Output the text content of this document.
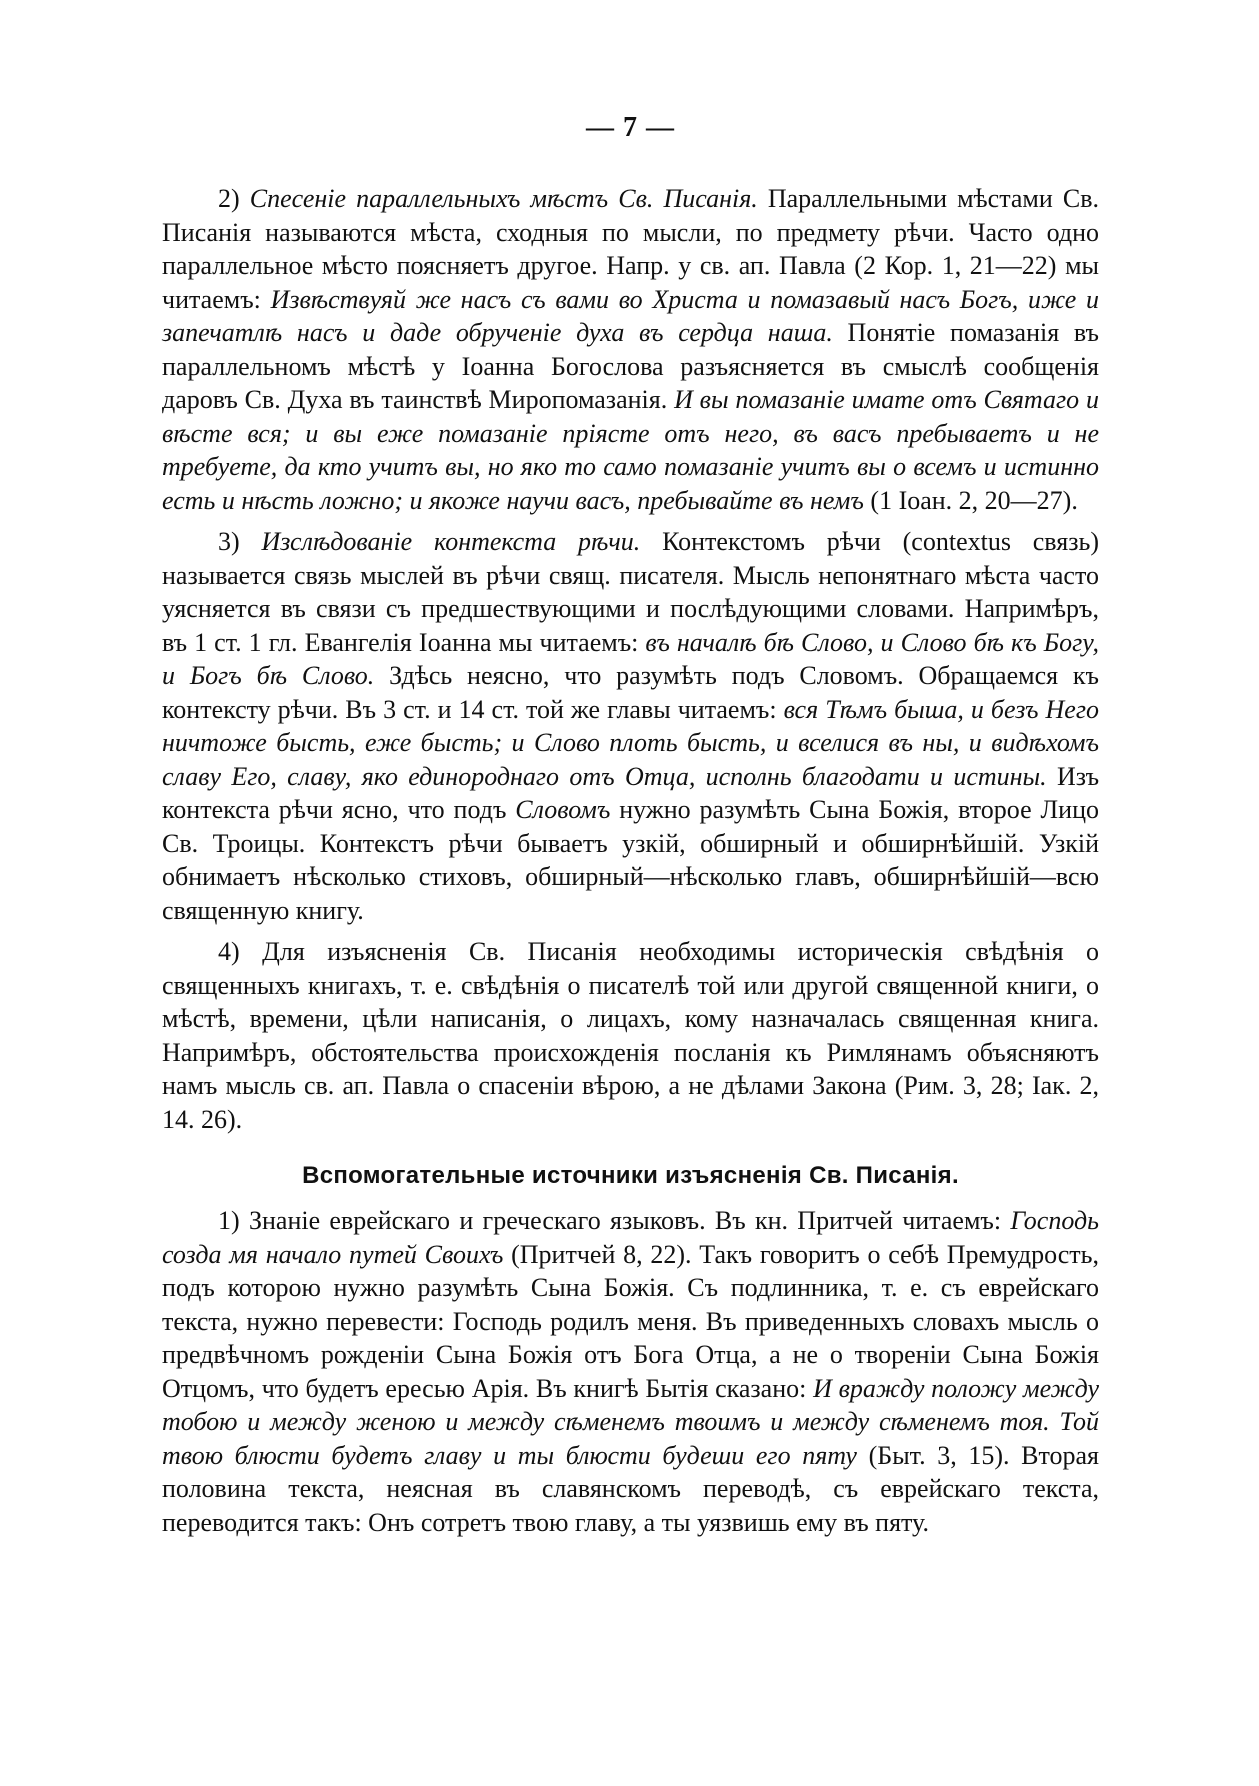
— 7 —

2) Сneсенiе параллельныхъ мѣстъ Св. Писанiя. Параллельными мѣстами Св. Писанiя называются мѣста, сходныя по мысли, по предмету рѣчи. Часто одно параллельное мѣсто поясняетъ другое. Напр. у св. ап. Павла (2 Кор. 1, 21—22) мы читаемъ: Извѣствуяй же насъ съ вами во Христа и помазавый насъ Богъ, иже и запечатлѣ насъ и даде обрученiе духа въ сердца наша. Понятiе помазанiя въ параллельномъ мѣстѣ у Iоанна Богослова разъясняется въ смыслѣ сообщенiя даровъ Св. Духа въ таинствѣ Миропомазанiя. И вы помазанiе имате отъ Святаго и вѣсте вся; и вы еже помазанiе прiясте отъ него, въ васъ пребываетъ и не требуете, да кто учитъ вы, но яко то само помазанiе учитъ вы о всемъ и истинно есть и нѣсть ложно; и якоже научи васъ, пребывайте въ немъ (1 Iоан. 2, 20—27).

3) Изслѣдованiе контекста рѣчи. Контекстомъ рѣчи (contextus связь) называется связь мыслей въ рѣчи свящ. писателя. Мысль непонятнаго мѣста часто уясняется въ связи съ предшествующими и послѣдующими словами. Напримѣръ, въ 1 ст. 1 гл. Евангелiя Iоанна мы читаемъ: въ началѣ бѣ Слово, и Слово бѣ къ Богу, и Богъ бѣ Слово. Здѣсь неясно, что разумѣть подъ Словомъ. Обращаемся къ контексту рѣчи. Въ 3 ст. и 14 ст. той же главы читаемъ: вся Тѣмъ быша, и безъ Него ничтоже бысть, еже бысть; и Слово плоть бысть, и вселися въ ны, и видѣхомъ славу Его, славу, яко единороднаго отъ Отца, исполнь благодати и истины. Изъ контекста рѣчи ясно, что подъ Словомъ нужно разумѣть Сына Божiя, второе Лицо Св. Троицы. Контекстъ рѣчи бываетъ узкiй, обширный и обширнѣйшiй. Узкiй обнимаетъ нѣсколько стиховъ, обширный—нѣсколько главъ, обширнѣйшiй—всю священную книгу.

4) Для изъясненiя Св. Писанiя необходимы историческiя свѣдѣнiя о священныхъ книгахъ, т. е. свѣдѣнiя о писателѣ той или другой священной книги, о мѣстѣ, времени, цѣли написанiя, о лицахъ, кому назначалась священная книга. Напримѣръ, обстоятельства происхожденiя посланiя къ Римлянамъ объясняютъ намъ мысль св. ап. Павла о спасенiи вѣрою, а не дѣлами Закона (Рим. 3, 28; Iак. 2, 14. 26).

Вспомогательные источники изъясненiя Св. Писанiя.

1) Знанiе еврейскаго и греческаго языковъ. Въ кн. Притчей читаемъ: Господь созда мя начало путей Своихъ (Притчей 8, 22). Такъ говоритъ о себѣ Премудрость, подъ которою нужно разумѣть Сына Божiя. Съ подлинника, т. е. съ еврейскаго текста, нужно перевести: Господь родилъ меня. Въ приведенныхъ словахъ мысль о предвѣчномъ рожденiи Сына Божiя отъ Бога Отца, а не о творенiи Сына Божiя Отцомъ, что будетъ ересью Арiя. Въ книгѣ Бытiя сказано: И вражду положу между тобою и между женою и между сѣменемъ твоимъ и между сѣменемъ тоя. Той твою блюсти будетъ главу и ты блюсти будеши его пяту (Быт. 3, 15). Вторая половина текста, неясная въ славянскомъ переводѣ, съ еврейскаго текста, переводится такъ: Онъ сотретъ твою главу, а ты уязвишь ему въ пяту.
